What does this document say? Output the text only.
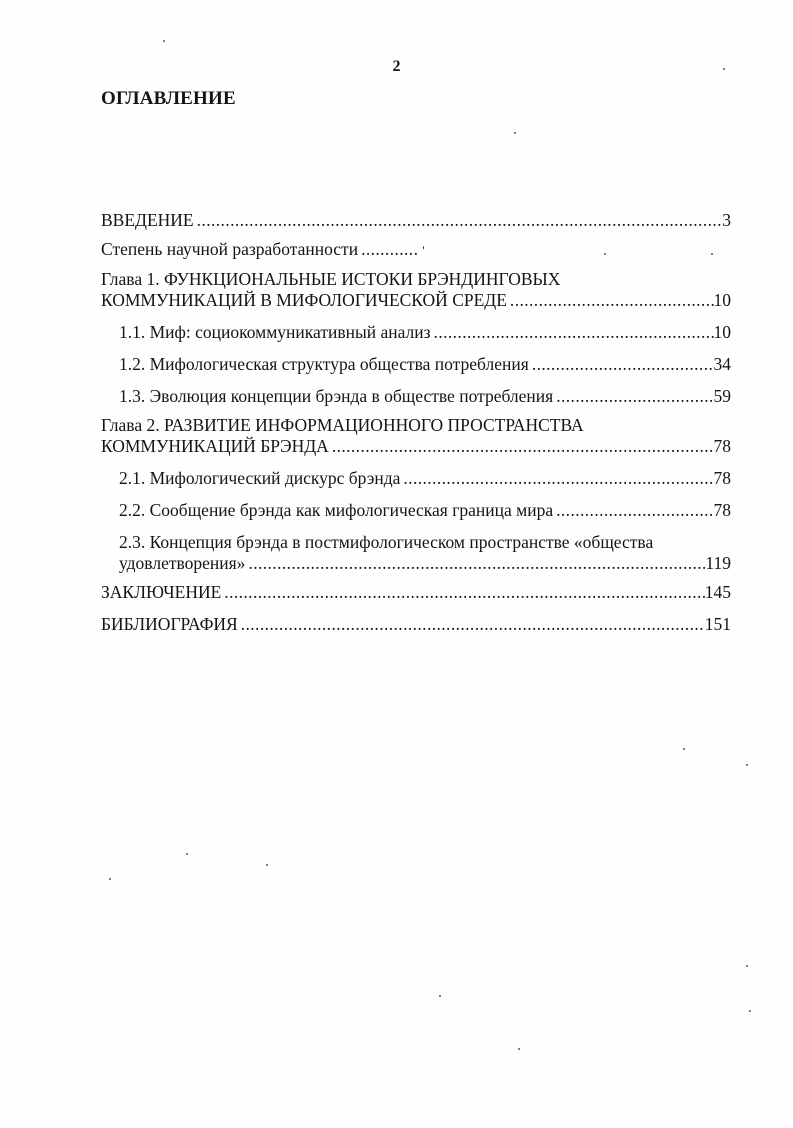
2
ОГЛАВЛЕНИЕ
ВВЕДЕНИЕ .....	3
Степень научной разработанности .....	'
Глава 1. ФУНКЦИОНАЛЬНЫЕ ИСТОКИ БРЭНДИНГОВЫХ
КОММУНИКАЦИЙ В МИФОЛОГИЧЕСКОЙ СРЕДЕ .....	10
1.1. Миф: социокоммуникативный анализ .....	10
1.2. Мифологическая структура общества потребления .....	34
1.3. Эволюция концепции брэнда в обществе потребления .....	59
Глава 2. РАЗВИТИЕ ИНФОРМАЦИОННОГО ПРОСТРАНСТВА
КОММУНИКАЦИЙ БРЭНДА .....	78
2.1. Мифологический дискурс брэнда .....	78
2.2. Сообщение брэнда как мифологическая граница мира .....	78
2.3. Концепция брэнда в постмифологическом пространстве «общества
удовлетворения» .....	119
ЗАКЛЮЧЕНИЕ .....	145
БИБЛИОГРАФИЯ .....	151
